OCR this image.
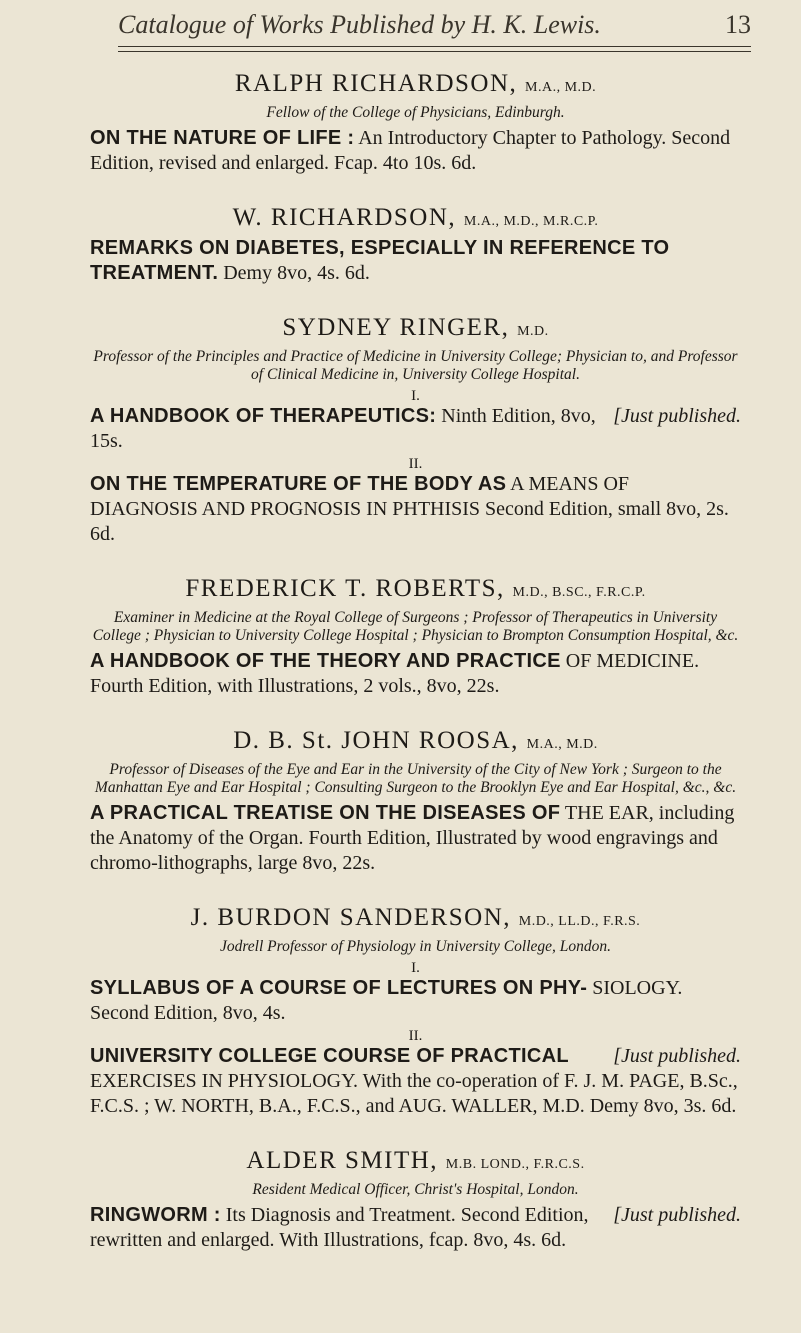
Catalogue of Works Published by H. K. Lewis.	13

RALPH RICHARDSON, M.A., M.D.

Fellow of the College of Physicians, Edinburgh.

ON THE NATURE OF LIFE : An Introductory Chapter to Pathology. Second Edition, revised and enlarged. Fcap. 4to 10s. 6d.

W. RICHARDSON, M.A., M.D., M.R.C.P.

REMARKS ON DIABETES, ESPECIALLY IN REFERENCE TO TREATMENT. Demy 8vo, 4s. 6d.

SYDNEY RINGER, M.D.

Professor of the Principles and Practice of Medicine in University College; Physician to, and Professor of Clinical Medicine in, University College Hospital.

I.

[Just published.
A HANDBOOK OF THERAPEUTICS: Ninth Edition, 8vo, 15s.

II.

ON THE TEMPERATURE OF THE BODY AS A MEANS OF DIAGNOSIS AND PROGNOSIS IN PHTHISIS Second Edition, small 8vo, 2s. 6d.

FREDERICK T. ROBERTS, M.D., B.SC., F.R.C.P.

Examiner in Medicine at the Royal College of Surgeons ; Professor of Therapeutics in University College ; Physician to University College Hospital ; Physician to Brompton Consumption Hospital, &c.

A HANDBOOK OF THE THEORY AND PRACTICE OF MEDICINE. Fourth Edition, with Illustrations, 2 vols., 8vo, 22s.

D. B. St. JOHN ROOSA, M.A., M.D.

Professor of Diseases of the Eye and Ear in the University of the City of New York ; Surgeon to the Manhattan Eye and Ear Hospital ; Consulting Surgeon to the Brooklyn Eye and Ear Hospital, &c., &c.

A PRACTICAL TREATISE ON THE DISEASES OF THE EAR, including the Anatomy of the Organ. Fourth Edition, Illustrated by wood engravings and chromo-lithographs, large 8vo, 22s.

J. BURDON SANDERSON, M.D., LL.D., F.R.S.

Jodrell Professor of Physiology in University College, London.

I.

SYLLABUS OF A COURSE OF LECTURES ON PHY- SIOLOGY. Second Edition, 8vo, 4s.

II.

[Just published.
UNIVERSITY COLLEGE COURSE OF PRACTICAL EXERCISES IN PHYSIOLOGY. With the co-operation of F. J. M. PAGE, B.Sc., F.C.S. ; W. NORTH, B.A., F.C.S., and AUG. WALLER, M.D. Demy 8vo, 3s. 6d.

ALDER SMITH, M.B. LOND., F.R.C.S.

Resident Medical Officer, Christ's Hospital, London.

[Just published.
RINGWORM : Its Diagnosis and Treatment. Second Edition, rewritten and enlarged. With Illustrations, fcap. 8vo, 4s. 6d.
